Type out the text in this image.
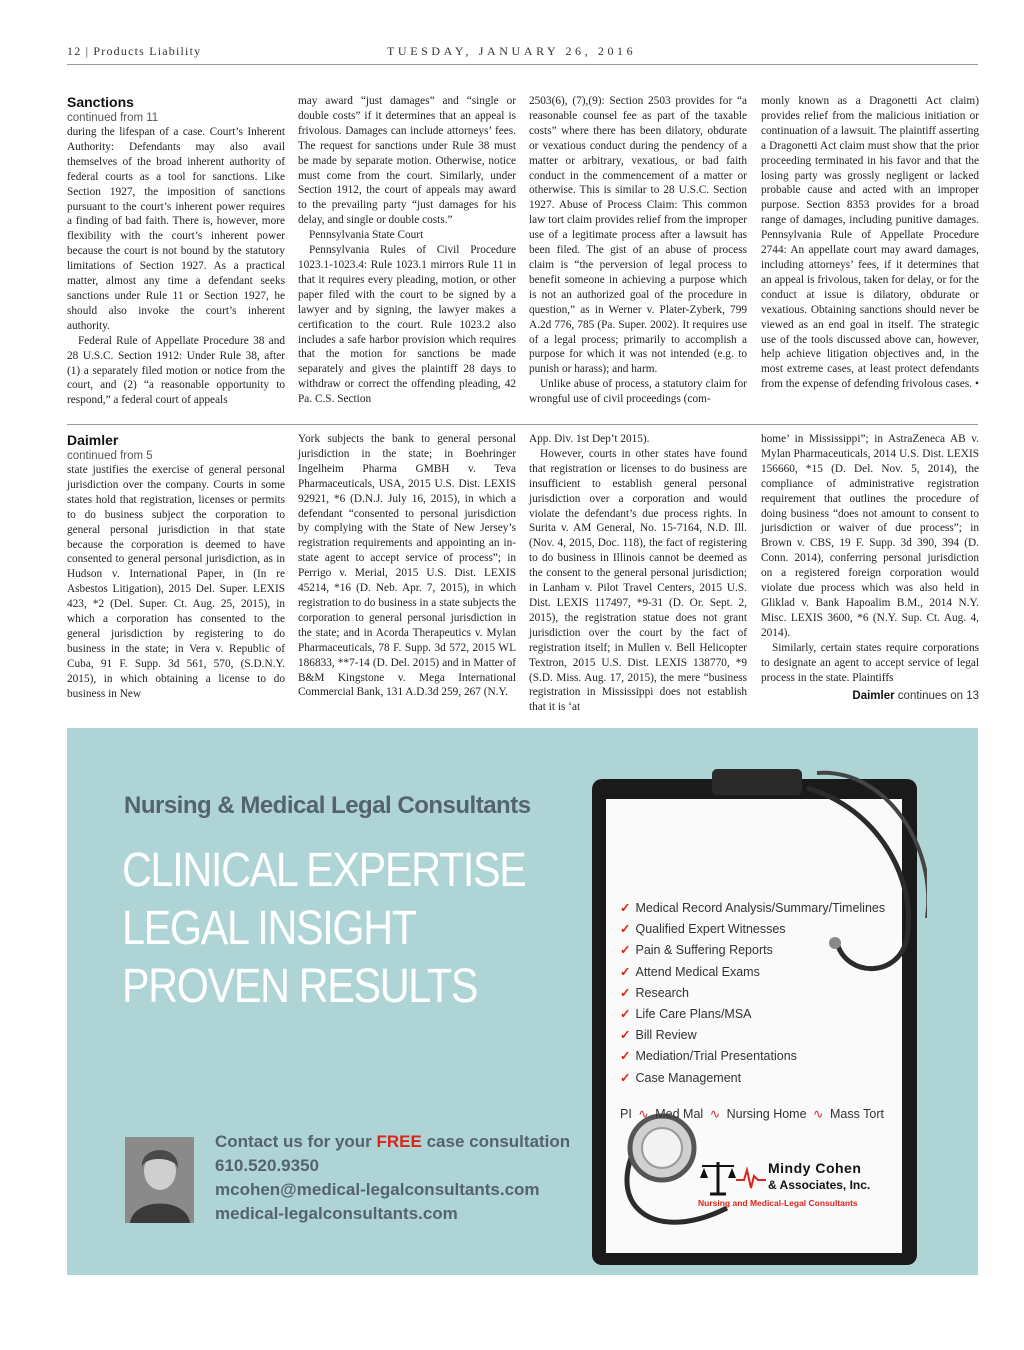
12 | Products Liability	TUESDAY, JANUARY 26, 2016

Sanctions

continued from 11

during the lifespan of a case. Court’s Inherent Authority: Defendants may also avail themselves of the broad inherent authority of federal courts as a tool for sanctions. Like Section 1927, the imposition of sanctions pursuant to the court’s inherent power requires a finding of bad faith. There is, however, more flexibility with the court’s inherent power because the court is not bound by the statutory limitations of Section 1927. As a practical matter, almost any time a defendant seeks sanctions under Rule 11 or Section 1927, he should also invoke the court’s inherent authority.

Federal Rule of Appellate Procedure 38 and 28 U.S.C. Section 1912: Under Rule 38, after (1) a separately filed motion or notice from the court, and (2) “a reasonable opportunity to respond,” a federal court of appeals

may award “just damages” and “single or double costs” if it determines that an appeal is frivolous. Damages can include attorneys’ fees. The request for sanctions under Rule 38 must be made by separate motion. Otherwise, notice must come from the court. Similarly, under Section 1912, the court of appeals may award to the prevailing party “just damages for his delay, and single or double costs.”

Pennsylvania State Court

Pennsylvania Rules of Civil Procedure 1023.1-1023.4: Rule 1023.1 mirrors Rule 11 in that it requires every pleading, motion, or other paper filed with the court to be signed by a lawyer and by signing, the lawyer makes a certification to the court. Rule 1023.2 also includes a safe harbor provision which requires that the motion for sanctions be made separately and gives the plaintiff 28 days to withdraw or correct the offending pleading, 42 Pa. C.S. Section

2503(6), (7),(9): Section 2503 provides for “a reasonable counsel fee as part of the taxable costs” where there has been dilatory, obdurate or vexatious conduct during the pendency of a matter or arbitrary, vexatious, or bad faith conduct in the commencement of a matter or otherwise. This is similar to 28 U.S.C. Section 1927. Abuse of Process Claim: This common law tort claim provides relief from the improper use of a legitimate process after a lawsuit has been filed. The gist of an abuse of process claim is “the perversion of legal process to benefit someone in achieving a purpose which is not an authorized goal of the procedure in question,” as in Werner v. Plater-Zyberk, 799 A.2d 776, 785 (Pa. Super. 2002). It requires use of a legal process; primarily to accomplish a purpose for which it was not intended (e.g. to punish or harass); and harm.

Unlike abuse of process, a statutory claim for wrongful use of civil proceedings (com-

monly known as a Dragonetti Act claim) provides relief from the malicious initiation or continuation of a lawsuit. The plaintiff asserting a Dragonetti Act claim must show that the prior proceeding terminated in his favor and that the losing party was grossly negligent or lacked probable cause and acted with an improper purpose. Section 8353 provides for a broad range of damages, including punitive damages. Pennsylvania Rule of Appellate Procedure 2744: An appellate court may award damages, including attorneys’ fees, if it determines that an appeal is frivolous, taken for delay, or for the conduct at issue is dilatory, obdurate or vexatious. Obtaining sanctions should never be viewed as an end goal in itself. The strategic use of the tools discussed above can, however, help achieve litigation objectives and, in the most extreme cases, at least protect defendants from the expense of defending frivolous cases. •

Daimler

continued from 5

state justifies the exercise of general personal jurisdiction over the company. Courts in some states hold that registration, licenses or permits to do business subject the corporation to general personal jurisdiction in that state because the corporation is deemed to have consented to general personal jurisdiction, as in Hudson v. International Paper, in (In re Asbestos Litigation), 2015 Del. Super. LEXIS 423, *2 (Del. Super. Ct. Aug. 25, 2015), in which a corporation has consented to the general jurisdiction by registering to do business in the state; in Vera v. Republic of Cuba, 91 F. Supp. 3d 561, 570, (S.D.N.Y. 2015), in which obtaining a license to do business in New

York subjects the bank to general personal jurisdiction in the state; in Boehringer Ingelheim Pharma GMBH v. Teva Pharmaceuticals, USA, 2015 U.S. Dist. LEXIS 92921, *6 (D.N.J. July 16, 2015), in which a defendant “consented to personal jurisdiction by complying with the State of New Jersey’s registration requirements and appointing an in-state agent to accept service of process”; in Perrigo v. Merial, 2015 U.S. Dist. LEXIS 45214, *16 (D. Neb. Apr. 7, 2015), in which registration to do business in a state subjects the corporation to general personal jurisdiction in the state; and in Acorda Therapeutics v. Mylan Pharmaceuticals, 78 F. Supp. 3d 572, 2015 WL 186833, **7-14 (D. Del. 2015) and in Matter of B&M Kingstone v. Mega International Commercial Bank, 131 A.D.3d 259, 267 (N.Y.

App. Div. 1st Dep’t 2015).

However, courts in other states have found that registration or licenses to do business are insufficient to establish general personal jurisdiction over a corporation and would violate the defendant’s due process rights. In Surita v. AM General, No. 15-7164, N.D. Ill. (Nov. 4, 2015, Doc. 118), the fact of registering to do business in Illinois cannot be deemed as the consent to the general personal jurisdiction; in Lanham v. Pilot Travel Centers, 2015 U.S. Dist. LEXIS 117497, *9-31 (D. Or. Sept. 2, 2015), the registration statue does not grant jurisdiction over the court by the fact of registration itself; in Mullen v. Bell Helicopter Textron, 2015 U.S. Dist. LEXIS 138770, *9 (S.D. Miss. Aug. 17, 2015), the mere “business registration in Mississippi does not establish that it is ‘at

home’ in Mississippi”; in AstraZeneca AB v. Mylan Pharmaceuticals, 2014 U.S. Dist. LEXIS 156660, *15 (D. Del. Nov. 5, 2014), the compliance of administrative registration requirement that outlines the procedure of doing business “does not amount to consent to jurisdiction or waiver of due process”; in Brown v. CBS, 19 F. Supp. 3d 390, 394 (D. Conn. 2014), conferring personal jurisdiction on a registered foreign corporation would violate due process which was also held in Gliklad v. Bank Hapoalim B.M., 2014 N.Y. Misc. LEXIS 3600, *6 (N.Y. Sup. Ct. Aug. 4, 2014).

Similarly, certain states require corporations to designate an agent to accept service of legal process in the state. Plaintiffs

Daimler continues on 13
Nursing & Medical Legal Consultants
CLINICAL EXPERTISE
LEGAL INSIGHT
PROVEN RESULTS
Contact us for your FREE case consultation
610.520.9350
mcohen@medical-legalconsultants.com
medical-legalconsultants.com
✓ Medical Record Analysis/Summary/Timelines
✓ Qualified Expert Witnesses
✓ Pain & Suffering Reports
✓ Attend Medical Exams
✓ Research
✓ Life Care Plans/MSA
✓ Bill Review
✓ Mediation/Trial Presentations
✓ Case Management
PI ∿ Med Mal ∿ Nursing Home ∿ Mass Tort
Mindy Cohen
& Associates, Inc.
Nursing and Medical-Legal Consultants
